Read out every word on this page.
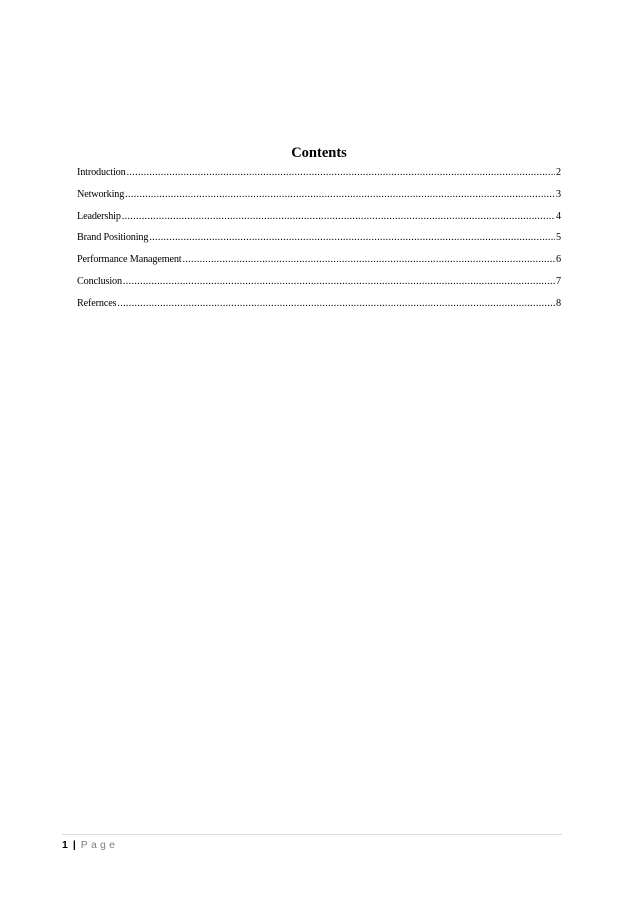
Contents
Introduction .....	2
Networking .....	3
Leadership .....	4
Brand Positioning .....	5
Performance Management .....	6
Conclusion .....	7
Refernces .....	8
1 | Page
